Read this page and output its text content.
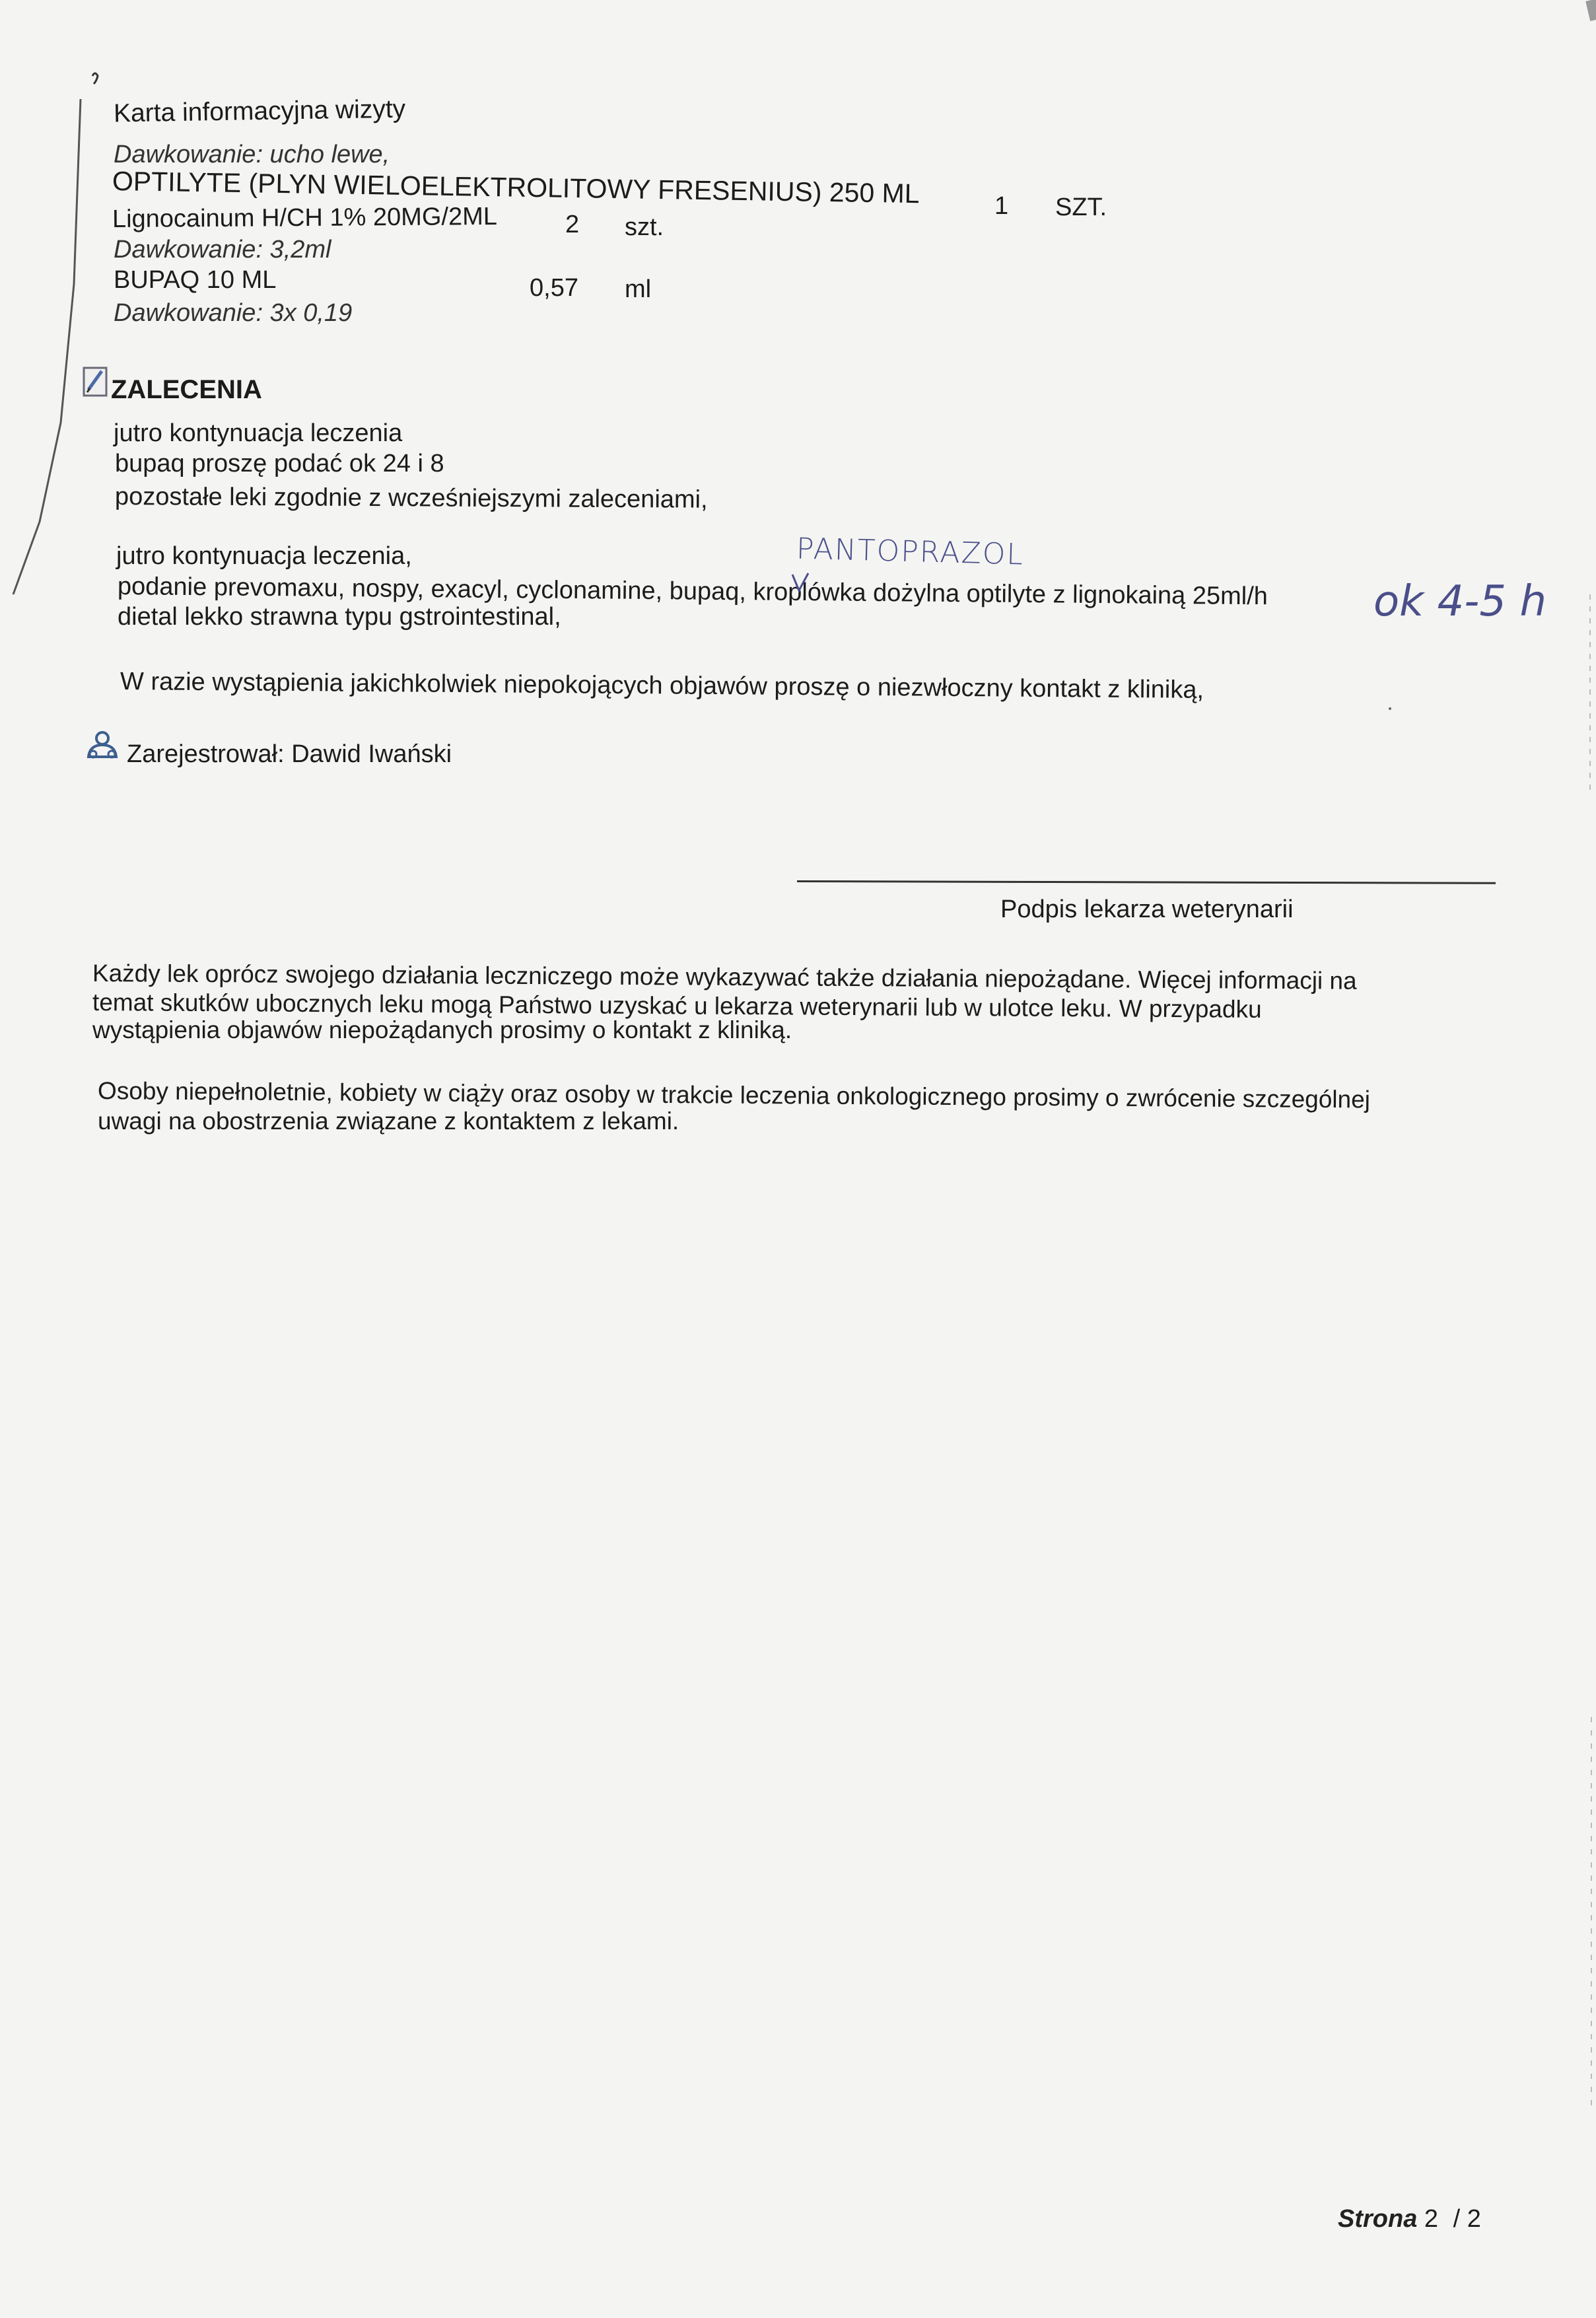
Karta informacyjna wizyty
Dawkowanie: ucho lewe,
OPTILYTE (PLYN WIELOELEKTROLITOWY FRESENIUS) 250 ML	1 SZT.
Lignocainum H/CH 1% 20MG/2ML	2 szt.
Dawkowanie: 3,2ml
BUPAQ 10 ML	0,57 ml
Dawkowanie: 3x 0,19
ZALECENIA
jutro kontynuacja leczenia
bupaq proszę podać ok 24 i 8
pozostałe leki zgodnie z wcześniejszymi zaleceniami,
jutro kontynuacja leczenia,	PANTOPRAZOL
podanie prevomaxu, nospy, exacyl, cyclonamine, bupaq, kroplówka dożylna optilyte z lignokainą 25ml/h ok 4-5 h
dietal lekko strawna typu gstrointestinal,
W razie wystąpienia jakichkolwiek niepokojących objawów proszę o niezwłoczny kontakt z kliniką,
Zarejestrował: Dawid Iwański
Podpis lekarza weterynarii
Każdy lek oprócz swojego działania leczniczego może wykazywać także działania niepożądane. Więcej informacji na
temat skutków ubocznych leku mogą Państwo uzyskać u lekarza weterynarii lub w ulotce leku. W przypadku
wystąpienia objawów niepożądanych prosimy o kontakt z kliniką.
Osoby niepełnoletnie, kobiety w ciąży oraz osoby w trakcie leczenia onkologicznego prosimy o zwrócenie szczególnej
uwagi na obostrzenia związane z kontaktem z lekami.
Strona 2 / 2
